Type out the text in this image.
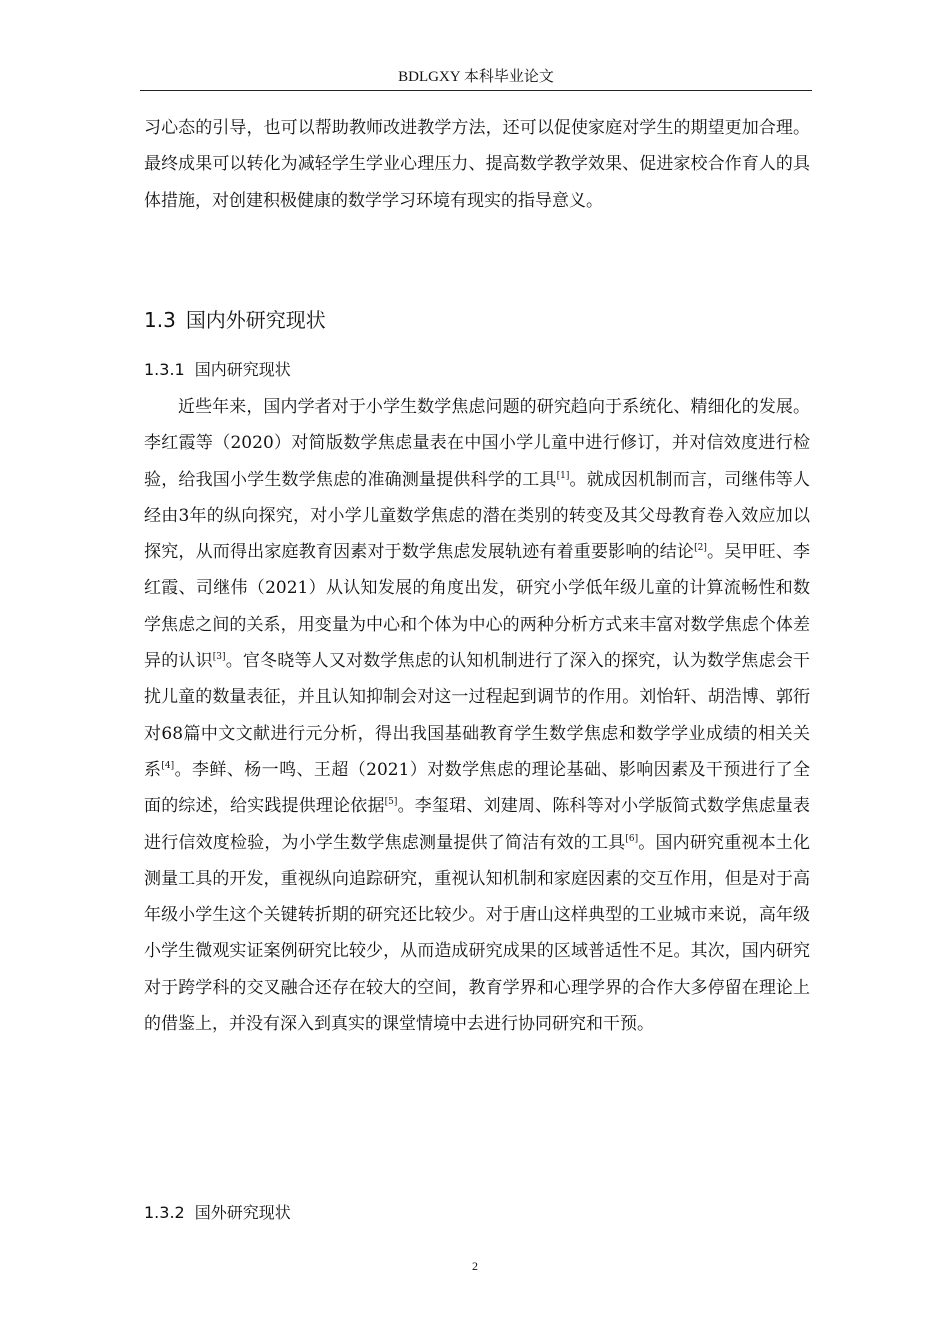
BDLGXY 本科毕业论文

习心态的引导，也可以帮助教师改进教学方法，还可以促使家庭对学生的期望更加合理。最终成果可以转化为减轻学生学业心理压力、提高数学教学效果、促进家校合作育人的具体措施，对创建积极健康的数学学习环境有现实的指导意义。

1.3 国内外研究现状
1.3.1 国内研究现状

近些年来，国内学者对于小学生数学焦虑问题的研究趋向于系统化、精细化的发展。李红霞等（2020）对简版数学焦虑量表在中国小学儿童中进行修订，并对信效度进行检验，给我国小学生数学焦虑的准确测量提供科学的工具[1]。就成因机制而言，司继伟等人经由3年的纵向探究，对小学儿童数学焦虑的潜在类别的转变及其父母教育卷入效应加以探究，从而得出家庭教育因素对于数学焦虑发展轨迹有着重要影响的结论[2]。吴甲旺、李红霞、司继伟（2021）从认知发展的角度出发，研究小学低年级儿童的计算流畅性和数学焦虑之间的关系，用变量为中心和个体为中心的两种分析方式来丰富对数学焦虑个体差异的认识[3]。官冬晓等人又对数学焦虑的认知机制进行了深入的探究，认为数学焦虑会干扰儿童的数量表征，并且认知抑制会对这一过程起到调节的作用。刘怡轩、胡浩博、郭衎对68篇中文文献进行元分析，得出我国基础教育学生数学焦虑和数学学业成绩的相关关系[4]。李鲜、杨一鸣、王超（2021）对数学焦虑的理论基础、影响因素及干预进行了全面的综述，给实践提供理论依据[5]。李玺珺、刘建周、陈科等对小学版简式数学焦虑量表进行信效度检验，为小学生数学焦虑测量提供了简洁有效的工具[6]。国内研究重视本土化测量工具的开发，重视纵向追踪研究，重视认知机制和家庭因素的交互作用，但是对于高年级小学生这个关键转折期的研究还比较少。对于唐山这样典型的工业城市来说，高年级小学生微观实证案例研究比较少，从而造成研究成果的区域普适性不足。其次，国内研究对于跨学科的交叉融合还存在较大的空间，教育学界和心理学界的合作大多停留在理论上的借鉴上，并没有深入到真实的课堂情境中去进行协同研究和干预。

1.3.2 国外研究现状
2
